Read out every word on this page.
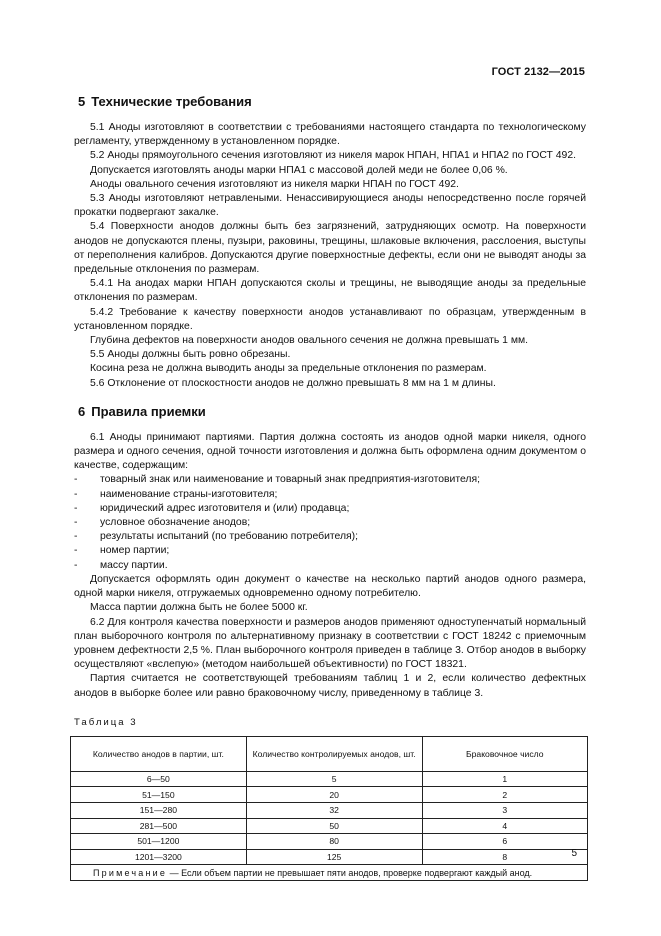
ГОСТ 2132—2015
5 Технические требования

5.1 Аноды изготовляют в соответствии с требованиями настоящего стандарта по технологическому регламенту, утвержденному в установленном порядке.

5.2 Аноды прямоугольного сечения изготовляют из никеля марок НПАН, НПА1 и НПА2 по ГОСТ 492.

Допускается изготовлять аноды марки НПА1 с массовой долей меди не более 0,06 %.

Аноды овального сечения изготовляют из никеля марки НПАН по ГОСТ 492.

5.3 Аноды изготовляют нетравлеными. Ненассивирующиеся аноды непосредственно после горячей прокатки подвергают закалке.

5.4 Поверхности анодов должны быть без загрязнений, затрудняющих осмотр. На поверхности анодов не допускаются плены, пузыри, раковины, трещины, шлаковые включения, расслоения, выступы от переполнения калибров. Допускаются другие поверхностные дефекты, если они не выводят аноды за предельные отклонения по размерам.

5.4.1 На анодах марки НПАН допускаются сколы и трещины, не выводящие аноды за предельные отклонения по размерам.

5.4.2 Требование к качеству поверхности анодов устанавливают по образцам, утвержденным в установленном порядке.

Глубина дефектов на поверхности анодов овального сечения не должна превышать 1 мм.

5.5 Аноды должны быть ровно обрезаны.

Косина реза не должна выводить аноды за предельные отклонения по размерам.

5.6 Отклонение от плоскостности анодов не должно превышать 8 мм на 1 м длины.

6 Правила приемки

6.1 Аноды принимают партиями. Партия должна состоять из анодов одной марки никеля, одного размера и одного сечения, одной точности изготовления и должна быть оформлена одним документом о качестве, содержащим:

- товарный знак или наименование и товарный знак предприятия-изготовителя;
- наименование страны-изготовителя;
- юридический адрес изготовителя и (или) продавца;
- условное обозначение анодов;
- результаты испытаний (по требованию потребителя);
- номер партии;
- массу партии.

Допускается оформлять один документ о качестве на несколько партий анодов одного размера, одной марки никеля, отгружаемых одновременно одному потребителю.

Масса партии должна быть не более 5000 кг.

6.2 Для контроля качества поверхности и размеров анодов применяют одноступенчатый нормальный план выборочного контроля по альтернативному признаку в соответствии с ГОСТ 18242 с приемочным уровнем дефектности 2,5 %. План выборочного контроля приведен в таблице 3. Отбор анодов в выборку осуществляют «вслепую» (методом наибольшей объективности) по ГОСТ 18321.

Партия считается не соответствующей требованиям таблиц 1 и 2, если количество дефектных анодов в выборке более или равно браковочному числу, приведенному в таблице 3.

Таблица 3
Количество анодов в партии, шт.	Количество контролируемых анодов, шт.	Браковочное число
6—50	5	1
51—150	20	2
151—280	32	3
281—500	50	4
501—1200	80	6
1201—3200	125	8
Примечание — Если объем партии не превышает пяти анодов, проверке подвергают каждый анод.		
5
